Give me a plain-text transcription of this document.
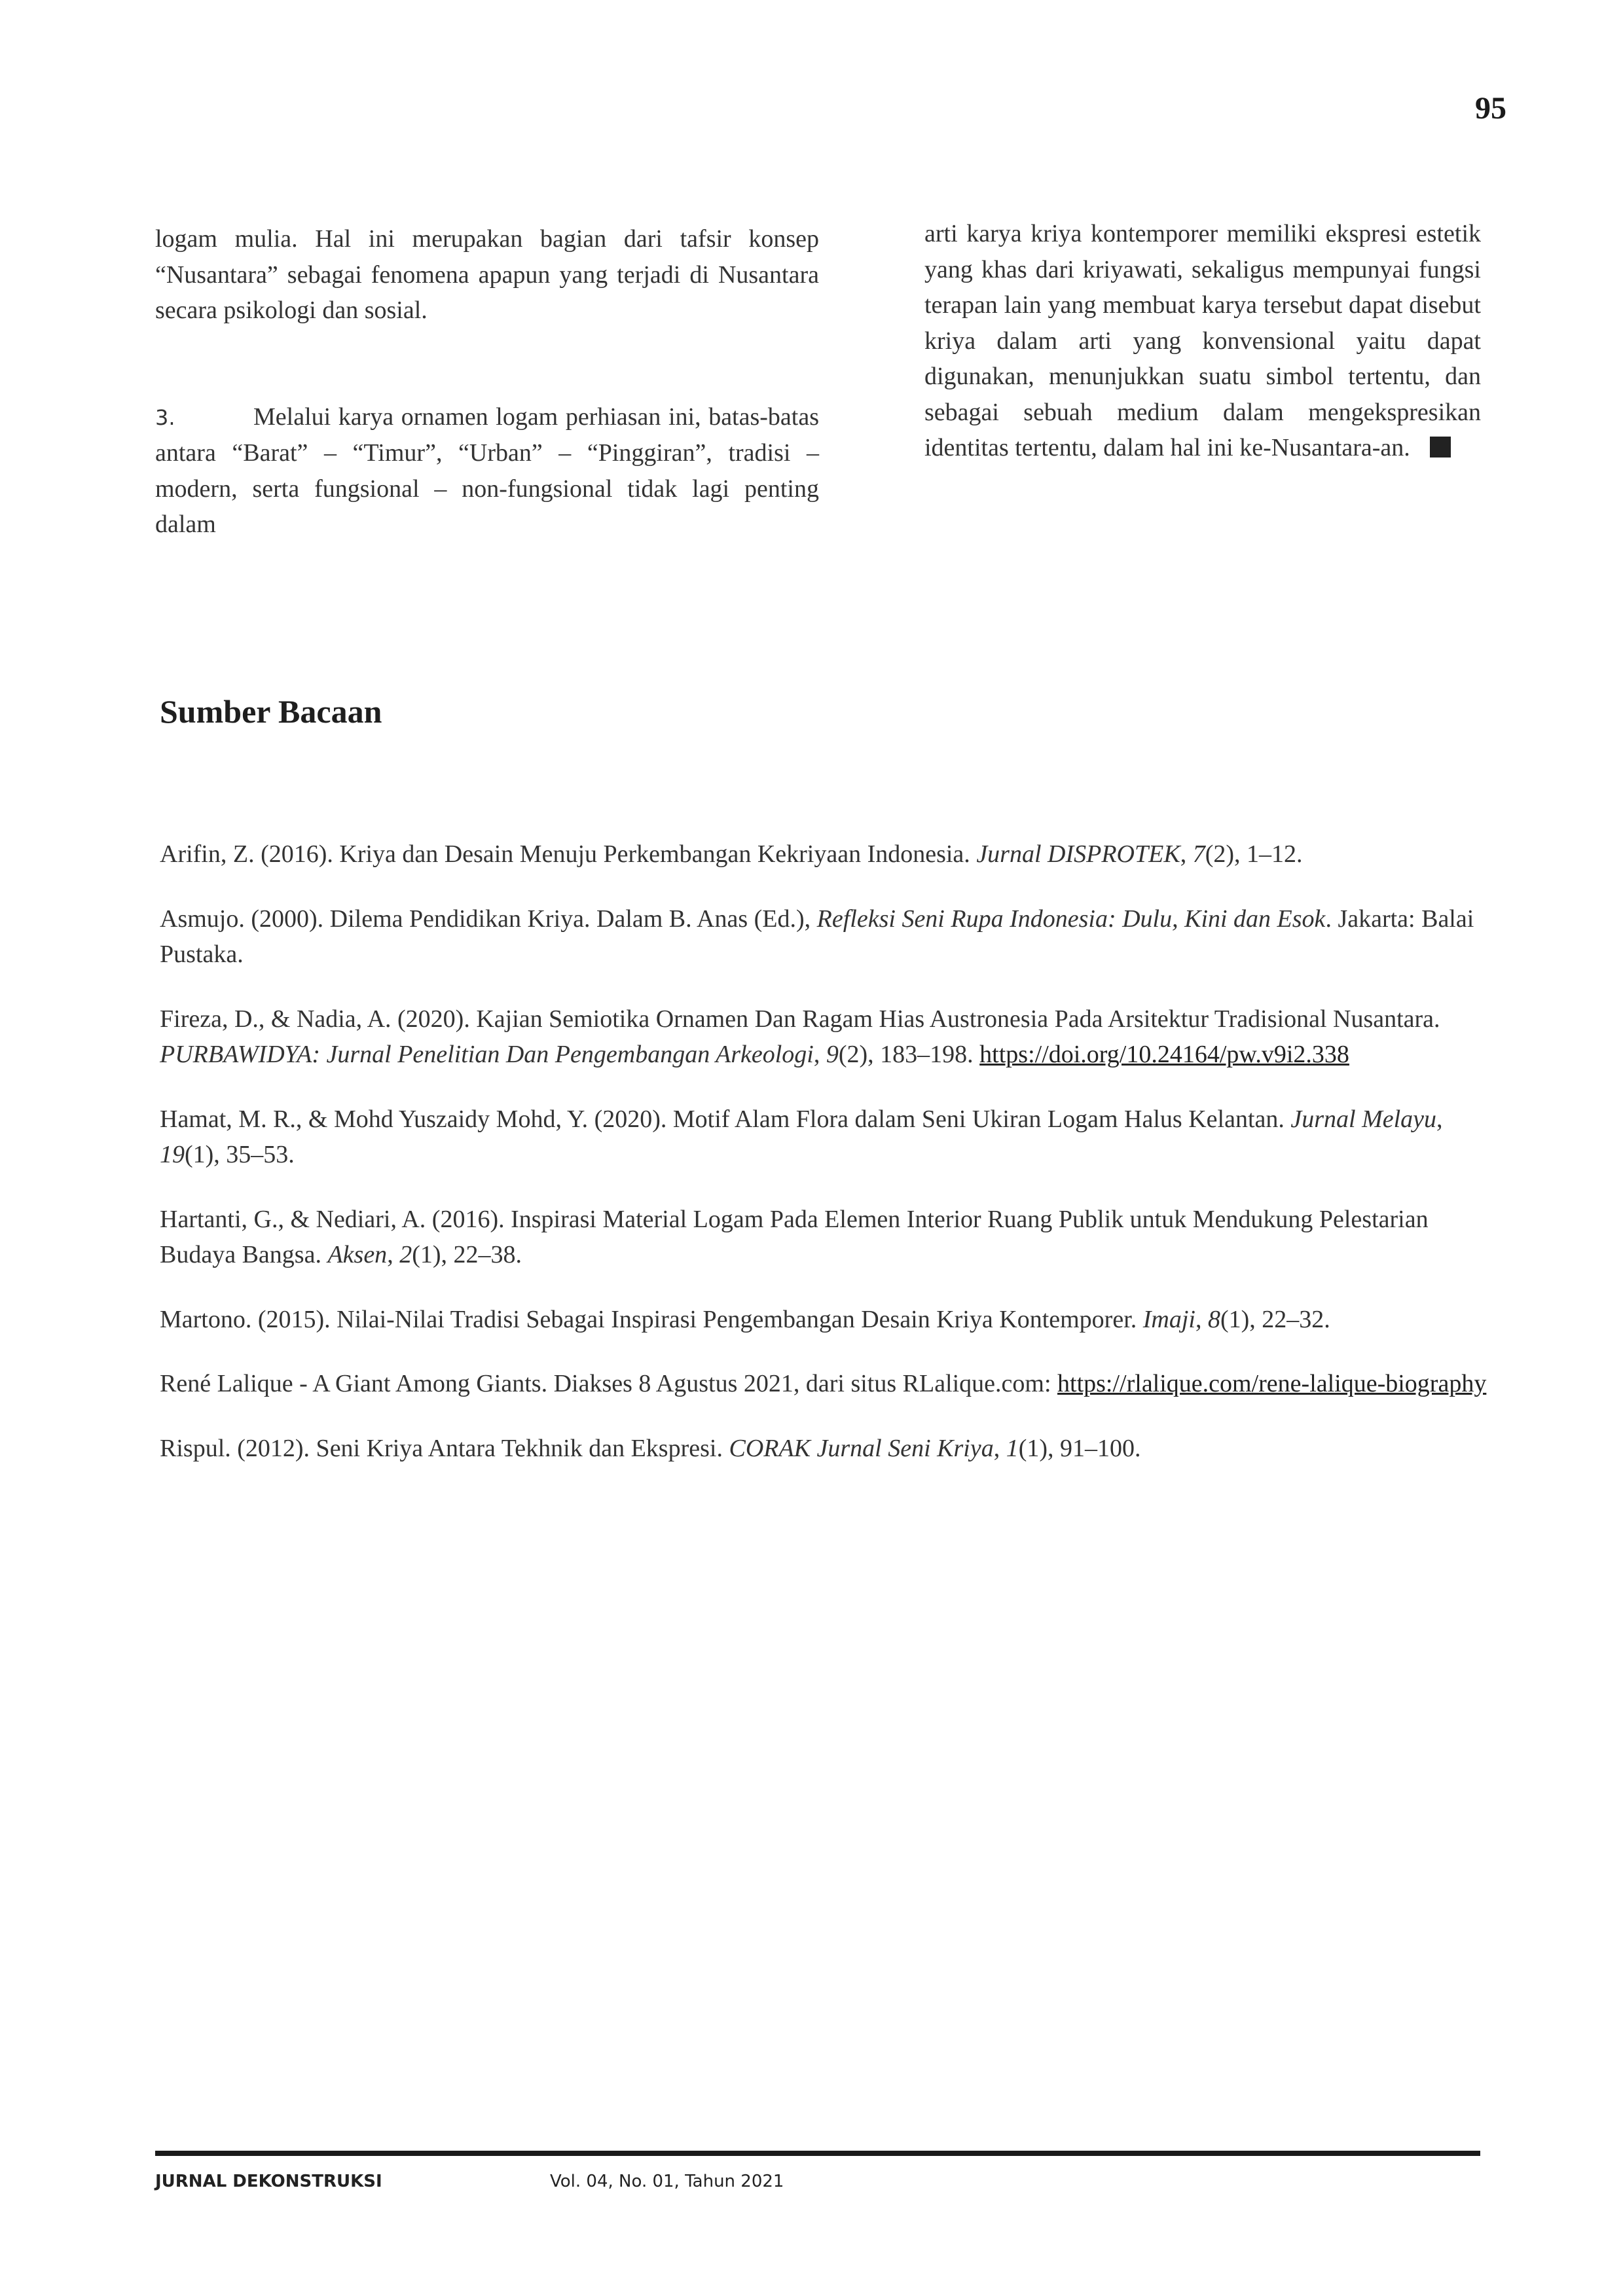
95

logam mulia. Hal ini merupakan bagian dari tafsir konsep “Nusantara” sebagai fenomena apapun yang terjadi di Nusantara secara psikologi dan sosial.

3.	Melalui karya ornamen logam perhiasan ini, batas-batas antara “Barat” – “Timur”, “Urban” – “Pinggiran”, tradisi – modern, serta fungsional – non-fungsional tidak lagi penting dalam

arti karya kriya kontemporer memiliki ekspresi estetik yang khas dari kriyawati, sekaligus mempunyai fungsi terapan lain yang membuat karya tersebut dapat disebut kriya dalam arti yang konvensional yaitu dapat digunakan, menunjukkan suatu simbol tertentu, dan sebagai sebuah medium dalam mengekspresikan identitas tertentu, dalam hal ini ke-Nusantara-an.

Sumber Bacaan

Arifin, Z. (2016). Kriya dan Desain Menuju Perkembangan Kekriyaan Indonesia. Jurnal DISPROTEK, 7(2), 1–12.

Asmujo. (2000). Dilema Pendidikan Kriya. Dalam B. Anas (Ed.), Refleksi Seni Rupa Indonesia: Dulu, Kini dan Esok. Jakarta: Balai Pustaka.

Fireza, D., & Nadia, A. (2020). Kajian Semiotika Ornamen Dan Ragam Hias Austronesia Pada Arsitektur Tradisional Nusantara. PURBAWIDYA: Jurnal Penelitian Dan Pengembangan Arkeologi, 9(2), 183–198. https://doi.org/10.24164/pw.v9i2.338

Hamat, M. R., & Mohd Yuszaidy Mohd, Y. (2020). Motif Alam Flora dalam Seni Ukiran Logam Halus Kelantan. Jurnal Melayu, 19(1), 35–53.

Hartanti, G., & Nediari, A. (2016). Inspirasi Material Logam Pada Elemen Interior Ruang Publik untuk Mendukung Pelestarian Budaya Bangsa. Aksen, 2(1), 22–38.

Martono. (2015). Nilai-Nilai Tradisi Sebagai Inspirasi Pengembangan Desain Kriya Kontemporer. Imaji, 8(1), 22–32.

René Lalique - A Giant Among Giants. Diakses 8 Agustus 2021, dari situs RLalique.com: https://rlalique.com/rene-lalique-biography

Rispul. (2012). Seni Kriya Antara Tekhnik dan Ekspresi. CORAK Jurnal Seni Kriya, 1(1), 91–100.

JURNAL DEKONSTRUKSI	Vol. 04, No. 01, Tahun 2021
